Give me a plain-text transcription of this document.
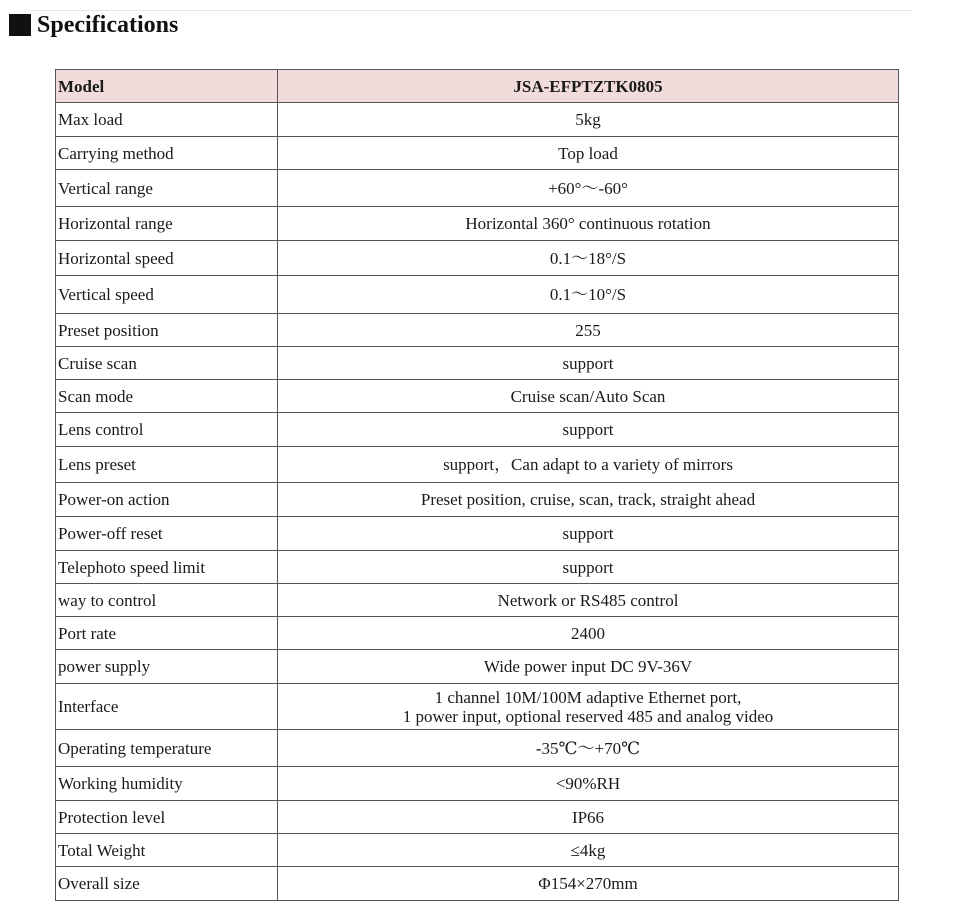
Specifications
Model	JSA-EFPTZTK0805
Max load	5kg
Carrying method	Top load
Vertical range	+60°～-60°
Horizontal range	Horizontal 360° continuous rotation
Horizontal speed	0.1～18°/S
Vertical speed	0.1～10°/S
Preset position	255
Cruise scan	support
Scan mode	Cruise scan/Auto Scan
Lens control	support
Lens preset	support，Can adapt to a variety of mirrors
Power-on action	Preset position, cruise, scan, track, straight ahead
Power-off reset	support
Telephoto speed limit	support
way to control	Network or RS485 control
Port rate	2400
power supply	Wide power input DC 9V-36V
Interface	1 channel 10M/100M adaptive Ethernet port,
1 power input, optional reserved 485 and analog video

Operating temperature	-35℃～+70℃
Working humidity	<90%RH
Protection level	IP66
Total Weight	≤4kg
Overall size	Φ154×270mm
